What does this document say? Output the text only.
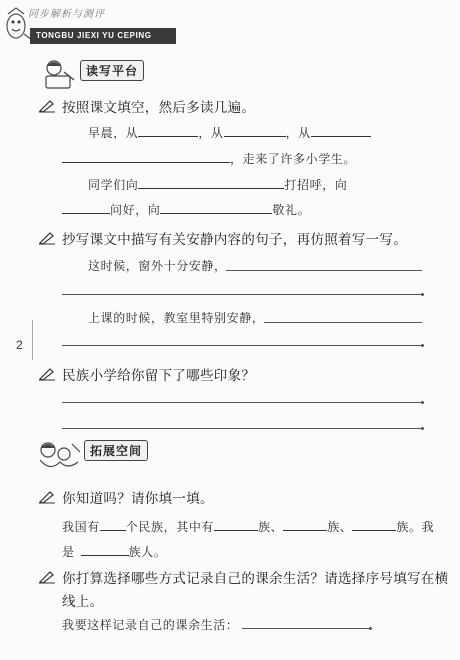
同步解析与测评
TONGBU JIEXI YU CEPING
读写平台
按照课文填空，然后多读几遍。
早晨，从	，从	，从
，走来了许多小学生。
同学们向	打招呼，向
问好，向	敬礼。
抄写课文中描写有关安静内容的句子，再仿照着写一写。
这时候，窗外十分安静，
2
上课的时候，教室里特别安静，
民族小学给你留下了哪些印象？
拓展空间
你知道吗？请你填一填。
我国有 个民族，其中有	族、	族、	族。我
是	族人。
你打算选择哪些方式记录自己的课余生活？请选择序号填写在横
线上。
我要这样记录自己的课余生活：
